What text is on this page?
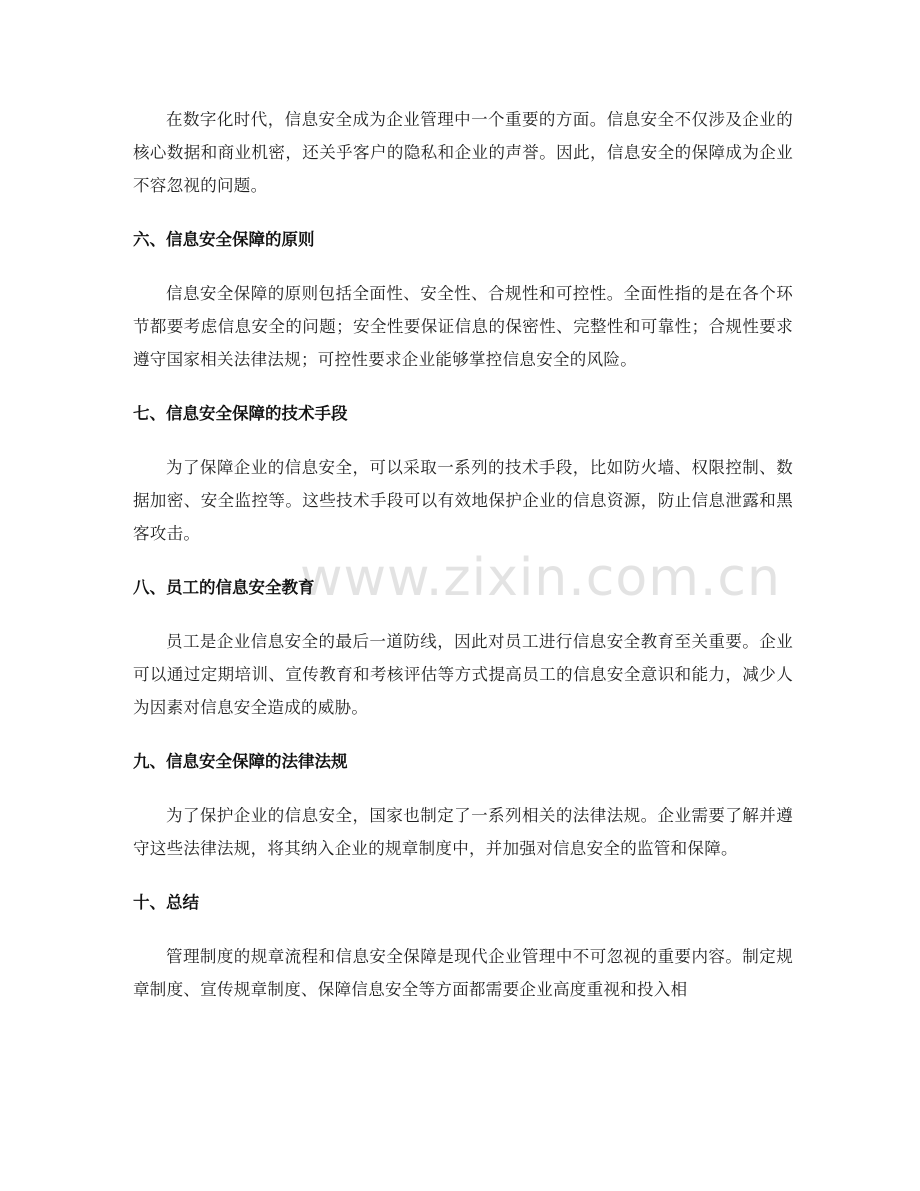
www.zixin.com.cn

在数字化时代，信息安全成为企业管理中一个重要的方面。信息安全不仅涉及企业的核心数据和商业机密，还关乎客户的隐私和企业的声誉。因此，信息安全的保障成为企业不容忽视的问题。

六、信息安全保障的原则

信息安全保障的原则包括全面性、安全性、合规性和可控性。全面性指的是在各个环节都要考虑信息安全的问题；安全性要保证信息的保密性、完整性和可靠性；合规性要求遵守国家相关法律法规；可控性要求企业能够掌控信息安全的风险。

七、信息安全保障的技术手段

为了保障企业的信息安全，可以采取一系列的技术手段，比如防火墙、权限控制、数据加密、安全监控等。这些技术手段可以有效地保护企业的信息资源，防止信息泄露和黑客攻击。

八、员工的信息安全教育

员工是企业信息安全的最后一道防线，因此对员工进行信息安全教育至关重要。企业可以通过定期培训、宣传教育和考核评估等方式提高员工的信息安全意识和能力，减少人为因素对信息安全造成的威胁。

九、信息安全保障的法律法规

为了保护企业的信息安全，国家也制定了一系列相关的法律法规。企业需要了解并遵守这些法律法规，将其纳入企业的规章制度中，并加强对信息安全的监管和保障。

十、总结

管理制度的规章流程和信息安全保障是现代企业管理中不可忽视的重要内容。制定规章制度、宣传规章制度、保障信息安全等方面都需要企业高度重视和投入相
